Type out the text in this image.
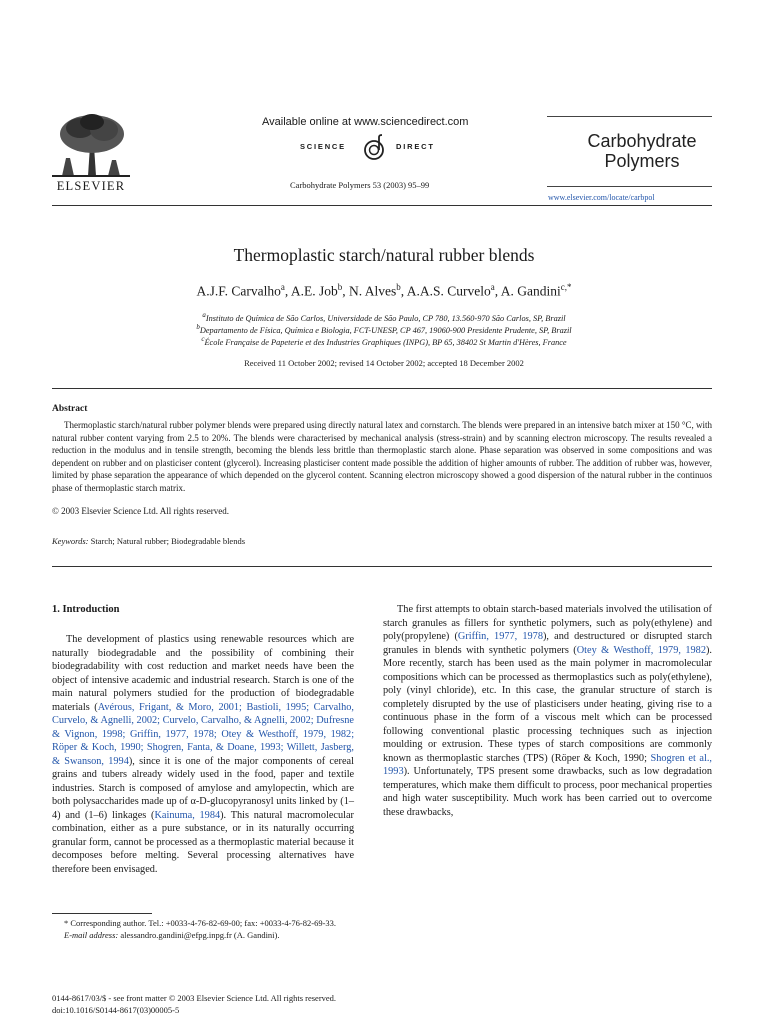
ELSEVIER
Available online at www.sciencedirect.com
SCIENCE	DIRECT
Carbohydrate Polymers 53 (2003) 95–99
Carbohydrate
Polymers
www.elsevier.com/locate/carbpol
Thermoplastic starch/natural rubber blends
A.J.F. Carvalho$^a$, A.E. Job$^b$, N. Alves$^b$, A.A.S. Curvelo$^a$, A. Gandini$^{c,*}$
$^a$Instituto de Química de São Carlos, Universidade de São Paulo, CP 780, 13.560-970 São Carlos, SP, Brazil
$^b$Departamento de Física, Química e Biologia, FCT-UNESP, CP 467, 19060-900 Presidente Prudente, SP, Brazil
$^c$École Française de Papeterie et des Industries Graphiques (INPG), BP 65, 38402 St Martin d'Hères, France
Received 11 October 2002; revised 14 October 2002; accepted 18 December 2002
Abstract
Thermoplastic starch/natural rubber polymer blends were prepared using directly natural latex and cornstarch. The blends were prepared in an intensive batch mixer at 150 °C, with natural rubber content varying from 2.5 to 20%. The blends were characterised by mechanical analysis (stress-strain) and by scanning electron microscopy. The results revealed a reduction in the modulus and in tensile strength, becoming the blends less brittle than thermoplastic starch alone. Phase separation was observed in some compositions and was dependent on rubber and on plasticiser content (glycerol). Increasing plasticiser content made possible the addition of higher amounts of rubber. The addition of rubber was, however, limited by phase separation the appearance of which depended on the glycerol content. Scanning electron microscopy showed a good dispersion of the natural rubber in the continuos phase of thermoplastic starch matrix.
© 2003 Elsevier Science Ltd. All rights reserved.
Keywords: Starch; Natural rubber; Biodegradable blends
1. Introduction

The development of plastics using renewable resources which are naturally biodegradable and the possibility of combining their biodegradability with cost reduction and market needs have been the object of intensive academic and industrial research. Starch is one of the main natural polymers studied for the production of biodegradable materials (Avérous, Frigant, & Moro, 2001; Bastioli, 1995; Carvalho, Curvelo, & Agnelli, 2002; Curvelo, Carvalho, & Agnelli, 2002; Dufresne & Vignon, 1998; Griffin, 1977, 1978; Otey & Westhoff, 1979, 1982; Röper & Koch, 1990; Shogren, Fanta, & Doane, 1993; Willett, Jasberg, & Swanson, 1994), since it is one of the major components of cereal grains and tubers already widely used in the food, paper and textile industries. Starch is composed of amylose and amylopectin, which are both polysaccharides made up of α-D-glucopyranosyl units linked by (1–4) and (1–6) linkages (Kainuma, 1984). This natural macromolecular combination, either as a pure substance, or in its naturally occurring granular form, cannot be processed as a thermoplastic material because it decomposes before melting. Several processing alternatives have therefore been envisaged.

The first attempts to obtain starch-based materials involved the utilisation of starch granules as fillers for synthetic polymers, such as poly(ethylene) and poly(propylene) (Griffin, 1977, 1978), and destructured or disrupted starch granules in blends with synthetic polymers (Otey & Westhoff, 1979, 1982). More recently, starch has been used as the main polymer in macromolecular compositions which can be processed as thermoplastics such as poly(ethylene), poly (vinyl chloride), etc. In this case, the granular structure of starch is completely disrupted by the use of plasticisers under heating, giving rise to a continuous phase in the form of a viscous melt which can be processed following conventional plastic processing techniques such as injection moulding or extrusion. These types of starch compositions are commonly known as thermoplastic starches (TPS) (Röper & Koch, 1990; Shogren et al., 1993). Unfortunately, TPS present some drawbacks, such as low degradation temperatures, which make them difficult to process, poor mechanical properties and high water susceptibility. Much work has been carried out to overcome these drawbacks,

* Corresponding author. Tel.: +0033-4-76-82-69-00; fax: +0033-4-76-82-69-33.
E-mail address: alessandro.gandini@efpg.inpg.fr (A. Gandini).
0144-8617/03/$ - see front matter © 2003 Elsevier Science Ltd. All rights reserved.
doi:10.1016/S0144-8617(03)00005-5
